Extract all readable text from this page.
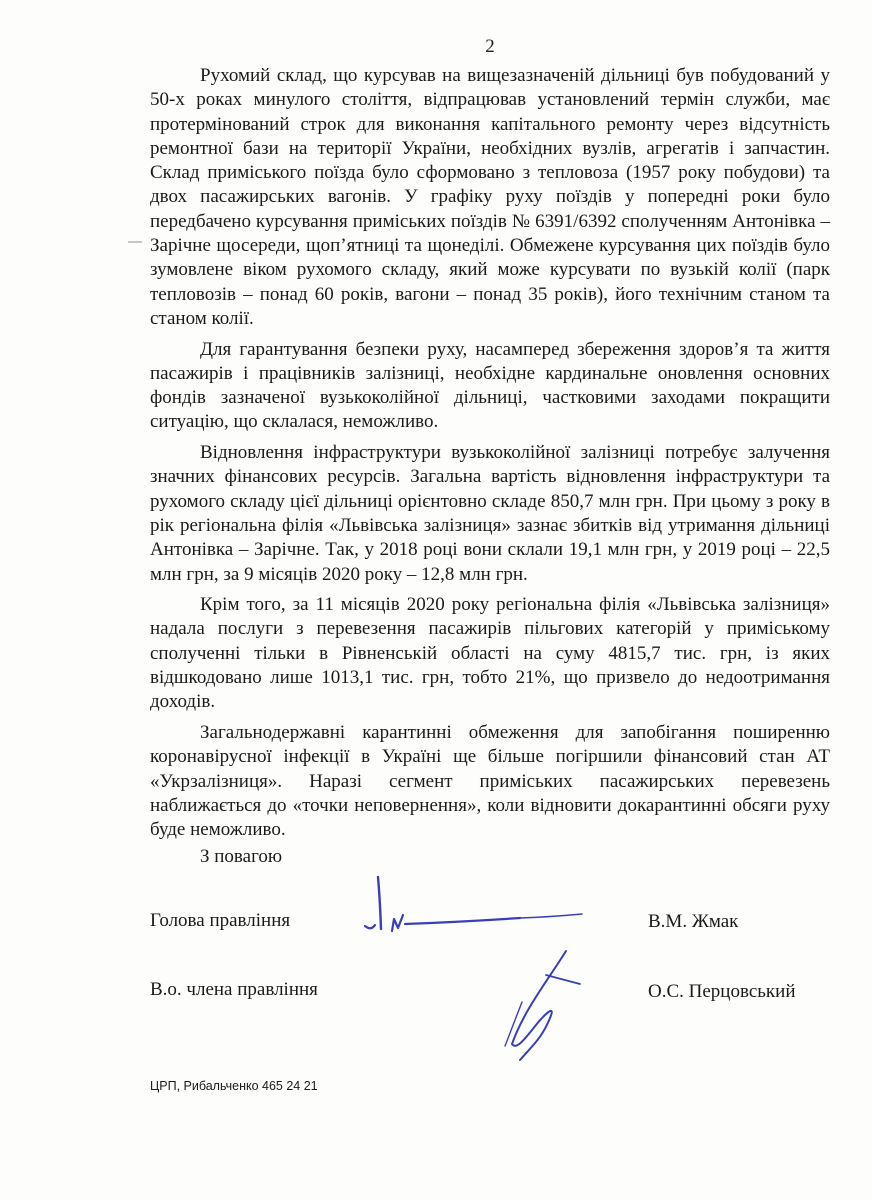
2

Рухомий склад, що курсував на вищезазначеній дільниці був побудований у 50-х роках минулого століття, відпрацював установлений термін служби, має протермінований строк для виконання капітального ремонту через відсутність ремонтної бази на території України, необхідних вузлів, агрегатів і запчастин. Склад приміського поїзда було сформовано з тепловоза (1957 року побудови) та двох пасажирських вагонів. У графіку руху поїздів у попередні роки було передбачено курсування приміських поїздів № 6391/6392 сполученням Антонівка – Зарічне щосереди, щоп’ятниці та щонеділі. Обмежене курсування цих поїздів було зумовлене віком рухомого складу, який може курсувати по вузькій колії (парк тепловозів – понад 60 років, вагони – понад 35 років), його технічним станом та станом колії.

Для гарантування безпеки руху, насамперед збереження здоров’я та життя пасажирів і працівників залізниці, необхідне кардинальне оновлення основних фондів зазначеної вузькоколійної дільниці, частковими заходами покращити ситуацію, що склалася, неможливо.

Відновлення інфраструктури вузькоколійної залізниці потребує залучення значних фінансових ресурсів. Загальна вартість відновлення інфраструктури та рухомого складу цієї дільниці орієнтовно складе 850,7 млн грн. При цьому з року в рік регіональна філія «Львівська залізниця» зазнає збитків від утримання дільниці Антонівка – Зарічне. Так, у 2018 році вони склали 19,1 млн грн, у 2019 році – 22,5 млн грн, за 9 місяців 2020 року – 12,8 млн грн.

Крім того, за 11 місяців 2020 року регіональна філія «Львівська залізниця» надала послуги з перевезення пасажирів пільгових категорій у приміському сполученні тільки в Рівненській області на суму 4815,7 тис. грн, із яких відшкодовано лише 1013,1 тис. грн, тобто 21%, що призвело до недоотримання доходів.

Загальнодержавні карантинні обмеження для запобігання поширенню коронавірусної інфекції в Україні ще більше погіршили фінансовий стан АТ «Укрзалізниця». Наразі сегмент приміських пасажирських перевезень наближається до «точки неповернення», коли відновити докарантинні обсяги руху буде неможливо.

З повагою
Голова правління	В.М. Жмак
В.о. члена правління	О.С. Перцовський
ЦРП, Рибальченко 465 24 21
